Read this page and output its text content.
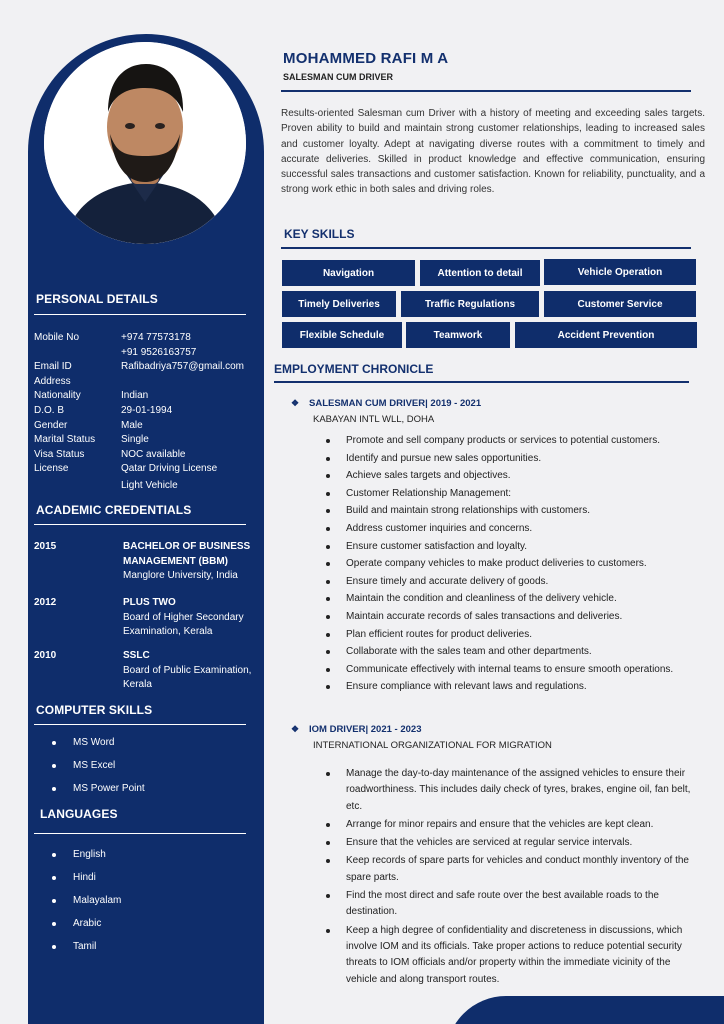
PERSONAL DETAILS
Mobile No	+974 77573178
+91 9526163757
Email ID	Rafibadriya757@gmail.com
Address
Nationality	Indian
D.O. B	29-01-1994
Gender	Male
Marital Status	Single
Visa Status	NOC available
License	Qatar Driving License
Light Vehicle
ACADEMIC CREDENTIALS
2015	BACHELOR OF BUSINESS MANAGEMENT (BBM)
Manglore University, India
2012	PLUS TWO
Board of Higher Secondary Examination, Kerala
2010	SSLC
Board of Public Examination, Kerala
COMPUTER SKILLS
MS Word
MS Excel
MS Power Point
LANGUAGES
English
Hindi
Malayalam
Arabic
Tamil
MOHAMMED RAFI M A
SALESMAN CUM DRIVER
Results-oriented Salesman cum Driver with a history of meeting and exceeding sales targets. Proven ability to build and maintain strong customer relationships, leading to increased sales and customer loyalty. Adept at navigating diverse routes with a commitment to timely and accurate deliveries. Skilled in product knowledge and effective communication, ensuring successful sales transactions and customer satisfaction. Known for reliability, punctuality, and a strong work ethic in both sales and driving roles.
KEY SKILLS
Navigation	Attention to detail	Vehicle Operation
Timely Deliveries	Traffic Regulations	Customer Service
Flexible Schedule	Teamwork	Accident Prevention
EMPLOYMENT CHRONICLE
❖ SALESMAN CUM DRIVER| 2019 - 2021
KABAYAN INTL WLL, DOHA
Promote and sell company products or services to potential customers.
Identify and pursue new sales opportunities.
Achieve sales targets and objectives.
Customer Relationship Management:
Build and maintain strong relationships with customers.
Address customer inquiries and concerns.
Ensure customer satisfaction and loyalty.
Operate company vehicles to make product deliveries to customers.
Ensure timely and accurate delivery of goods.
Maintain the condition and cleanliness of the delivery vehicle.
Maintain accurate records of sales transactions and deliveries.
Plan efficient routes for product deliveries.
Collaborate with the sales team and other departments.
Communicate effectively with internal teams to ensure smooth operations.
Ensure compliance with relevant laws and regulations.
❖ IOM DRIVER| 2021 - 2023
INTERNATIONAL ORGANIZATIONAL FOR MIGRATION
Manage the day-to-day maintenance of the assigned vehicles to ensure their roadworthiness. This includes daily check of tyres, brakes, engine oil, fan belt, etc.
Arrange for minor repairs and ensure that the vehicles are kept clean.
Ensure that the vehicles are serviced at regular service intervals.
Keep records of spare parts for vehicles and conduct monthly inventory of the spare parts.
Find the most direct and safe route over the best available roads to the destination.
Keep a high degree of confidentiality and discreteness in discussions, which involve IOM and its officials. Take proper actions to reduce potential security threats to IOM officials and/or property within the immediate vicinity of the vehicle and along transport routes.
